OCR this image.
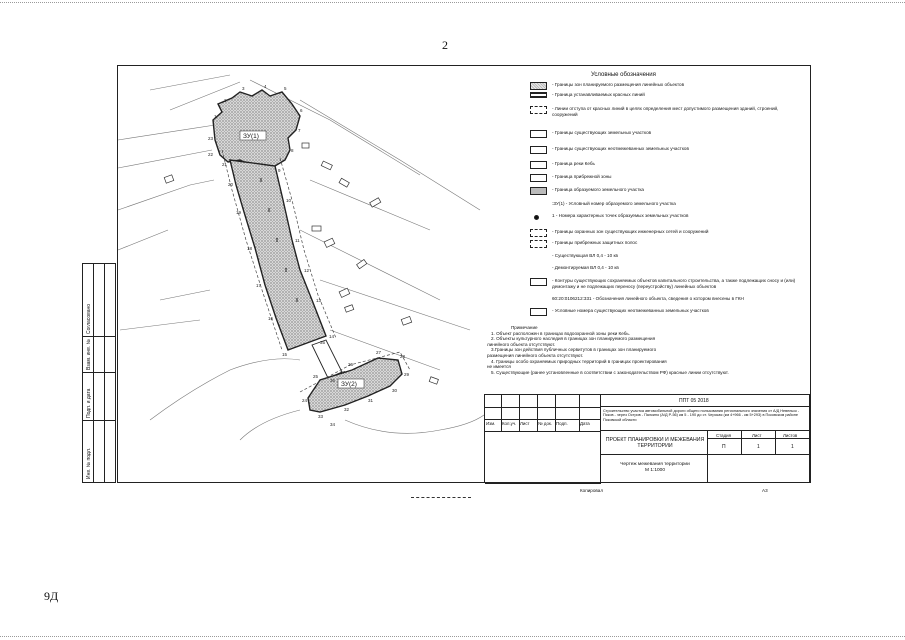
2
Согласовано
Взам. инв. №
Подп. и дата
Инв. № подл.
1
2
3	4	5
6
7
8
9
10
11
12
13
14
15
16
17
18
19
20
21
22
23
24
25
26
27
28
29
30
31
32
33
34
35
36
37
ЗУ(1)
ЗУ(2)
Условные обозначения
- Границы зон планируемого размещения линейных объектов
- Граница устанавливаемых красных линий
- Линии отступа от красных линий в целях определения мест допустимого размещения зданий, строений, сооружений
- Границы существующих земельных участков
- Границы существующих неотмежеванных земельных участков
- Граница реки Кебь
- Граница прибрежной зоны
- Граница образуемого земельного участка
:ЗУ(1) - Условный номер образуемого земельного участка
1 - Номера характерных точек образуемых земельных участков
- Границы охранных зон существующих инженерных сетей и сооружений
- Границы прибрежных защитных полос
- Существующая ВЛ 0,4 - 10 кв
- Демонтируемая ВЛ 0,4 - 10 кв
- Контуры существующих сохраняемых объектов капитального строительства, а также подлежащих сносу и (или) демонтажу и не подлежащих переносу (переустройству) линейных объектов
60:20:0106212:331 - Обозначения линейного объекта, сведения о котором внесены в ГКН
- Условные номера существующих неотмежеванных земельных участков
Примечание
1. Объект расположен в границах водоохранной зоны реки Кебь.
2. Объекты культурного наследия в границах зон планируемого размещения
линейного объекта отсутствуют.
3.Границы зон действия публичных сервитутов в границах зон планируемого
размещения линейного объекта отсутствуют.
4. Границы особо охраняемых природных территорий в границах проектирования
не имеется
5. Существующие (ранее установленные в соответствии с законодательством РФ) красные линии отсутствуют.
Изм. Кол.уч. Лист № док. Подп.	Дата
ППТ 05 2018
Строительство участка автомобильной дороги общего пользования регионального значения от А/Д Невельск - Псков - через Остров - Палкино (А/Д Р-56) км 5 - 190 до ст. Черская (км 4+966 - км 5+293) в Псковском районе Псковской области
ПРОЕКТ ПЛАНИРОВКИ И МЕЖЕВАНИЯ ТЕРРИТОРИИ
Стадия	Лист	Листов
П	1	1
Чертеж межевания территории
М 1:1000
Копировал	А3
9Д
